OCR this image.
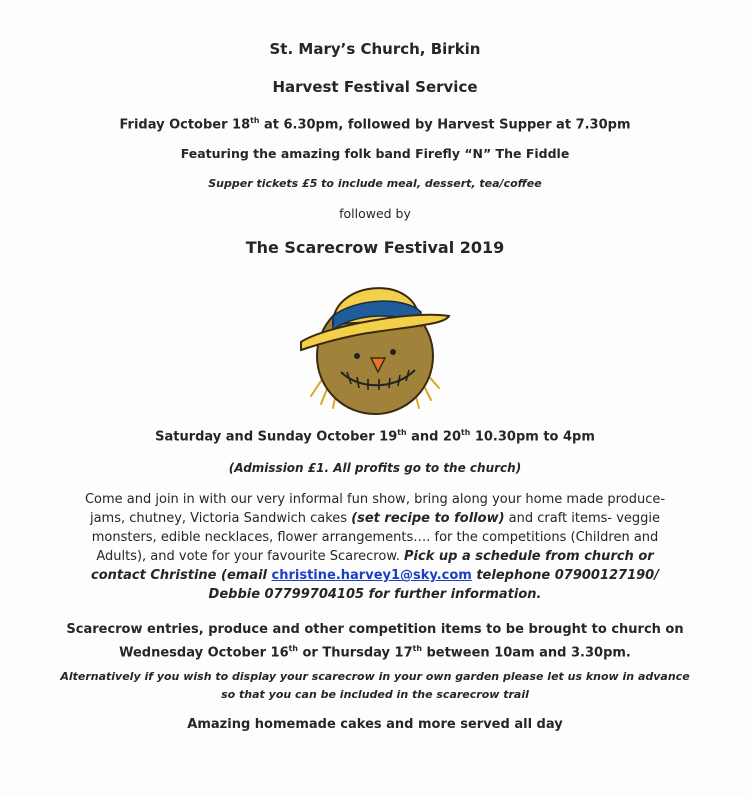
St. Mary’s Church, Birkin
Harvest Festival Service
Friday October 18th at 6.30pm, followed by Harvest Supper at 7.30pm
Featuring the amazing folk band Firefly “N” The Fiddle
Supper tickets £5 to include meal, dessert, tea/coffee
followed by
The Scarecrow Festival 2019
Saturday and Sunday October 19th and 20th 10.30pm to 4pm
(Admission £1. All profits go to the church)
Come and join in with our very informal fun show, bring along your home made produce-jams, chutney, Victoria Sandwich cakes (set recipe to follow) and craft items- veggie monsters, edible necklaces, flower arrangements…. for the competitions (Children and Adults), and vote for your favourite Scarecrow. Pick up a schedule from church or contact Christine (email christine.harvey1@sky.com telephone 07900127190/ Debbie 07799704105 for further information.
Scarecrow entries, produce and other competition items to be brought to church on Wednesday October 16th or Thursday 17th between 10am and 3.30pm.
Alternatively if you wish to display your scarecrow in your own garden please let us know in advance so that you can be included in the scarecrow trail
Amazing homemade cakes and more served all day
